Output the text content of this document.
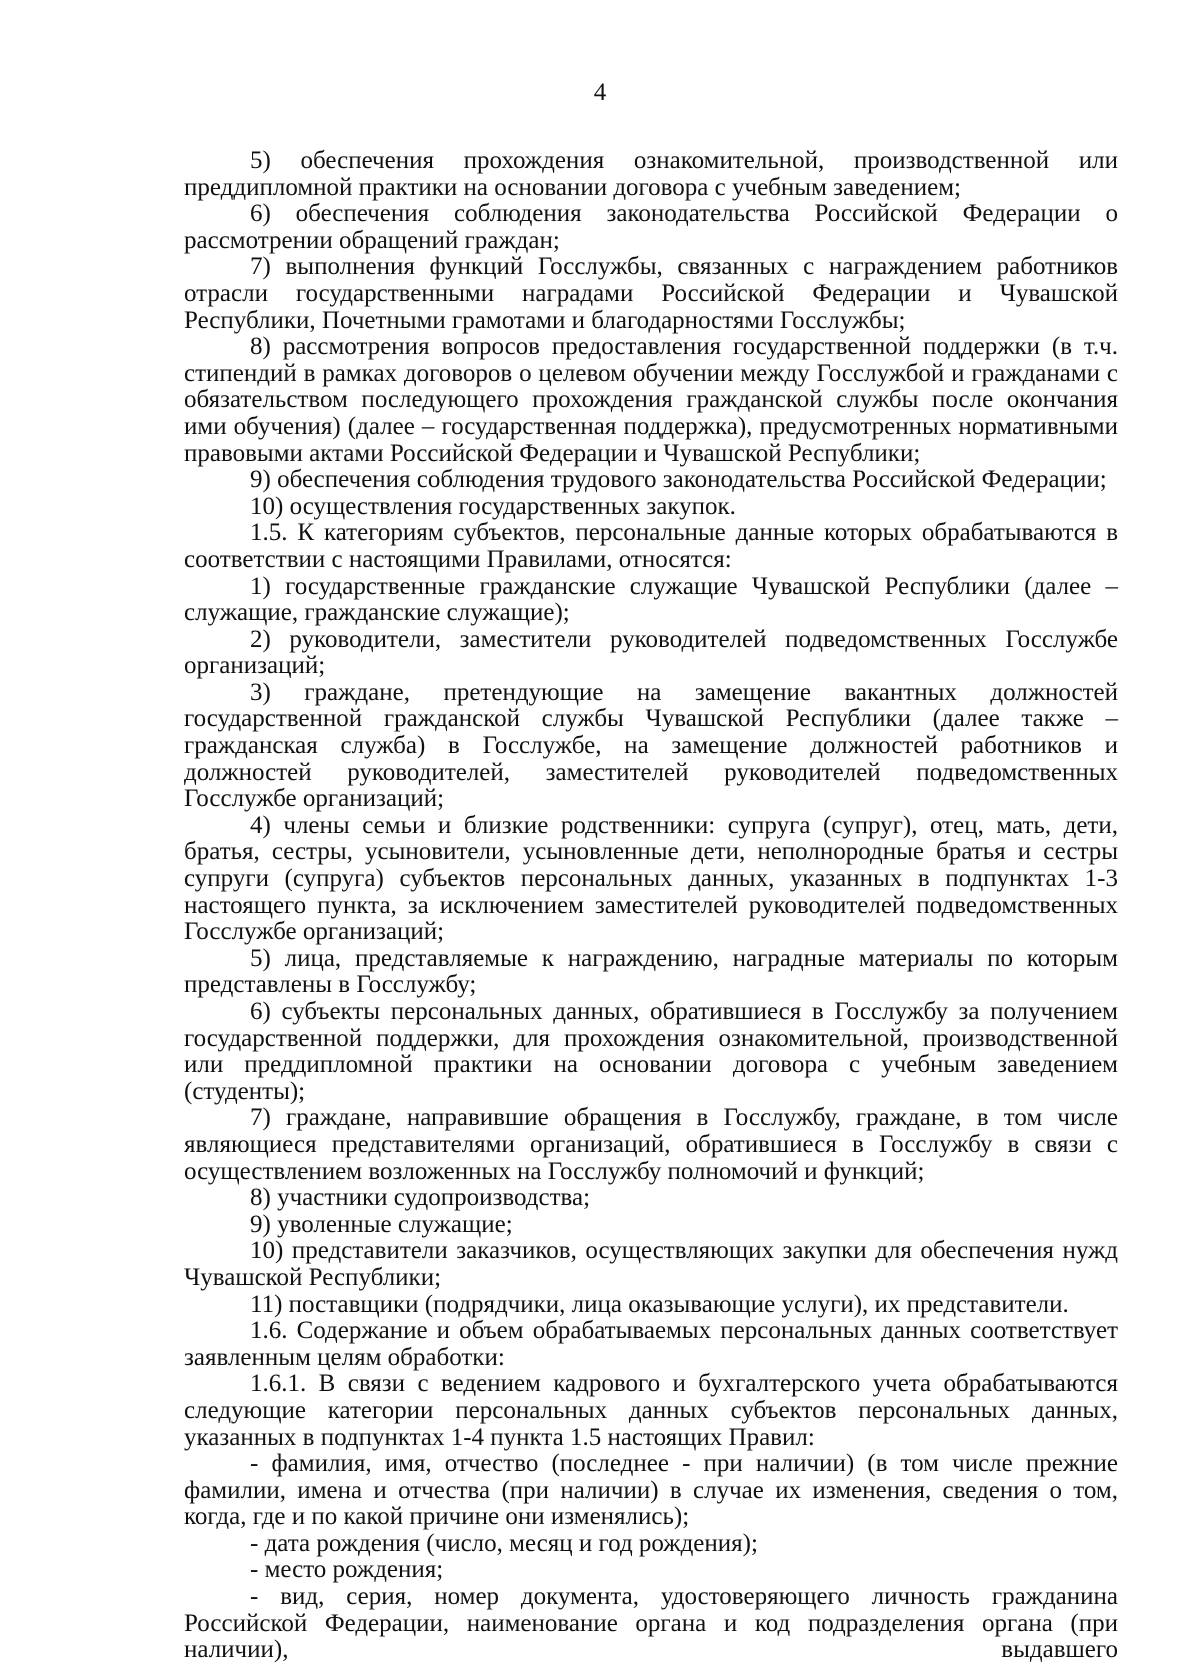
4

5) обеспечения прохождения ознакомительной, производственной или преддипломной практики на основании договора с учебным заведением;

6) обеспечения соблюдения законодательства Российской Федерации о рассмотрении обращений граждан;

7) выполнения функций Госслужбы, связанных с награждением работников отрасли государственными наградами Российской Федерации и Чувашской Республики, Почетными грамотами и благодарностями Госслужбы;

8) рассмотрения вопросов предоставления государственной поддержки (в т.ч. стипендий в рамках договоров о целевом обучении между Госслужбой и гражданами с обязательством последующего прохождения гражданской службы после окончания ими обучения) (далее – государственная поддержка), предусмотренных нормативными правовыми актами Российской Федерации и Чувашской Республики;

9) обеспечения соблюдения трудового законодательства Российской Федерации;

10) осуществления государственных закупок.

1.5. К категориям субъектов, персональные данные которых обрабатываются в соответствии с настоящими Правилами, относятся:

1) государственные гражданские служащие Чувашской Республики (далее – служащие, гражданские служащие);

2) руководители, заместители руководителей подведомственных Госслужбе организаций;

3) граждане, претендующие на замещение вакантных должностей государственной гражданской службы Чувашской Республики (далее также – гражданская служба) в Госслужбе, на замещение должностей работников и должностей руководителей, заместителей руководителей подведомственных Госслужбе организаций;

4) члены семьи и близкие родственники: супруга (супруг), отец, мать, дети, братья, сестры, усыновители, усыновленные дети, неполнородные братья и сестры супруги (супруга) субъектов персональных данных, указанных в подпунктах 1-3 настоящего пункта, за исключением заместителей руководителей подведомственных Госслужбе организаций;

5) лица, представляемые к награждению, наградные материалы по которым представлены в Госслужбу;

6) субъекты персональных данных, обратившиеся в Госслужбу за получением государственной поддержки, для прохождения ознакомительной, производственной или преддипломной практики на основании договора с учебным заведением (студенты);

7) граждане, направившие обращения в Госслужбу, граждане, в том числе являющиеся представителями организаций, обратившиеся в Госслужбу в связи с осуществлением возложенных на Госслужбу полномочий и функций;

8) участники судопроизводства;

9) уволенные служащие;

10) представители заказчиков, осуществляющих закупки для обеспечения нужд Чувашской Республики;

11) поставщики (подрядчики, лица оказывающие услуги), их представители.

1.6. Содержание и объем обрабатываемых персональных данных соответствует заявленным целям обработки:

1.6.1. В связи с ведением кадрового и бухгалтерского учета обрабатываются следующие категории персональных данных субъектов персональных данных, указанных в подпунктах 1-4 пункта 1.5 настоящих Правил:

- фамилия, имя, отчество (последнее - при наличии) (в том числе прежние фамилии, имена и отчества (при наличии) в случае их изменения, сведения о том, когда, где и по какой причине они изменялись);

- дата рождения (число, месяц и год рождения);

- место рождения;

- вид, серия, номер документа, удостоверяющего личность гражданина Российской Федерации, наименование органа и код подразделения органа (при наличии), выдавшего
